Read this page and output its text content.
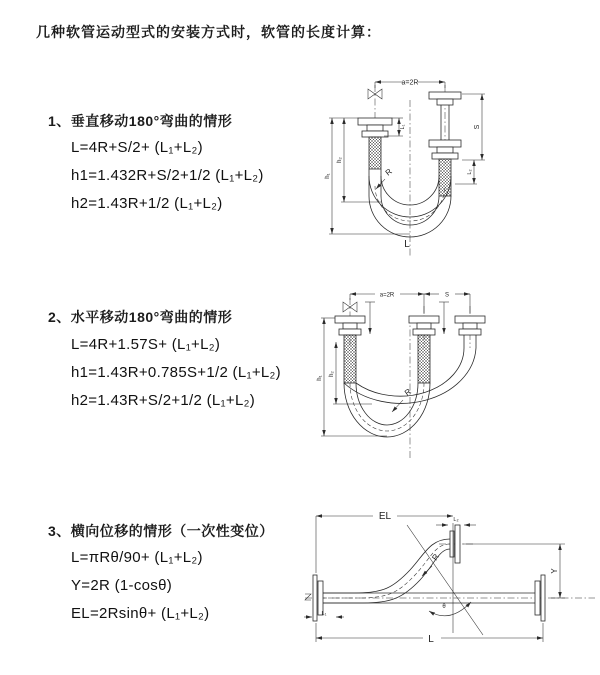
几种软管运动型式的安装方式时，软管的长度计算：
1、垂直移动180°弯曲的情形
L=4R+S/2+ (L₁+L₂)
h1=1.432R+S/2+1/2 (L₁+L₂)
h2=1.43R+1/2 (L₁+L₂)
2、水平移动180°弯曲的情形
L=4R+1.57S+ (L₁+L₂)
h1=1.43R+0.785S+1/2 (L₁+L₂)
h2=1.43R+S/2+1/2 (L₁+L₂)
3、横向位移的情形（一次性变位）
L=πRθ/90+ (L₁+L₂)
Y=2R (1-cosθ)
EL=2Rsinθ+ (L₁+L₂)
a=2R
L₁	S
L₂
h₁
h₂
R
L
a=2R	S
h₁
h₂
R
θ
EL	L₂
Y
L
L₁
R
